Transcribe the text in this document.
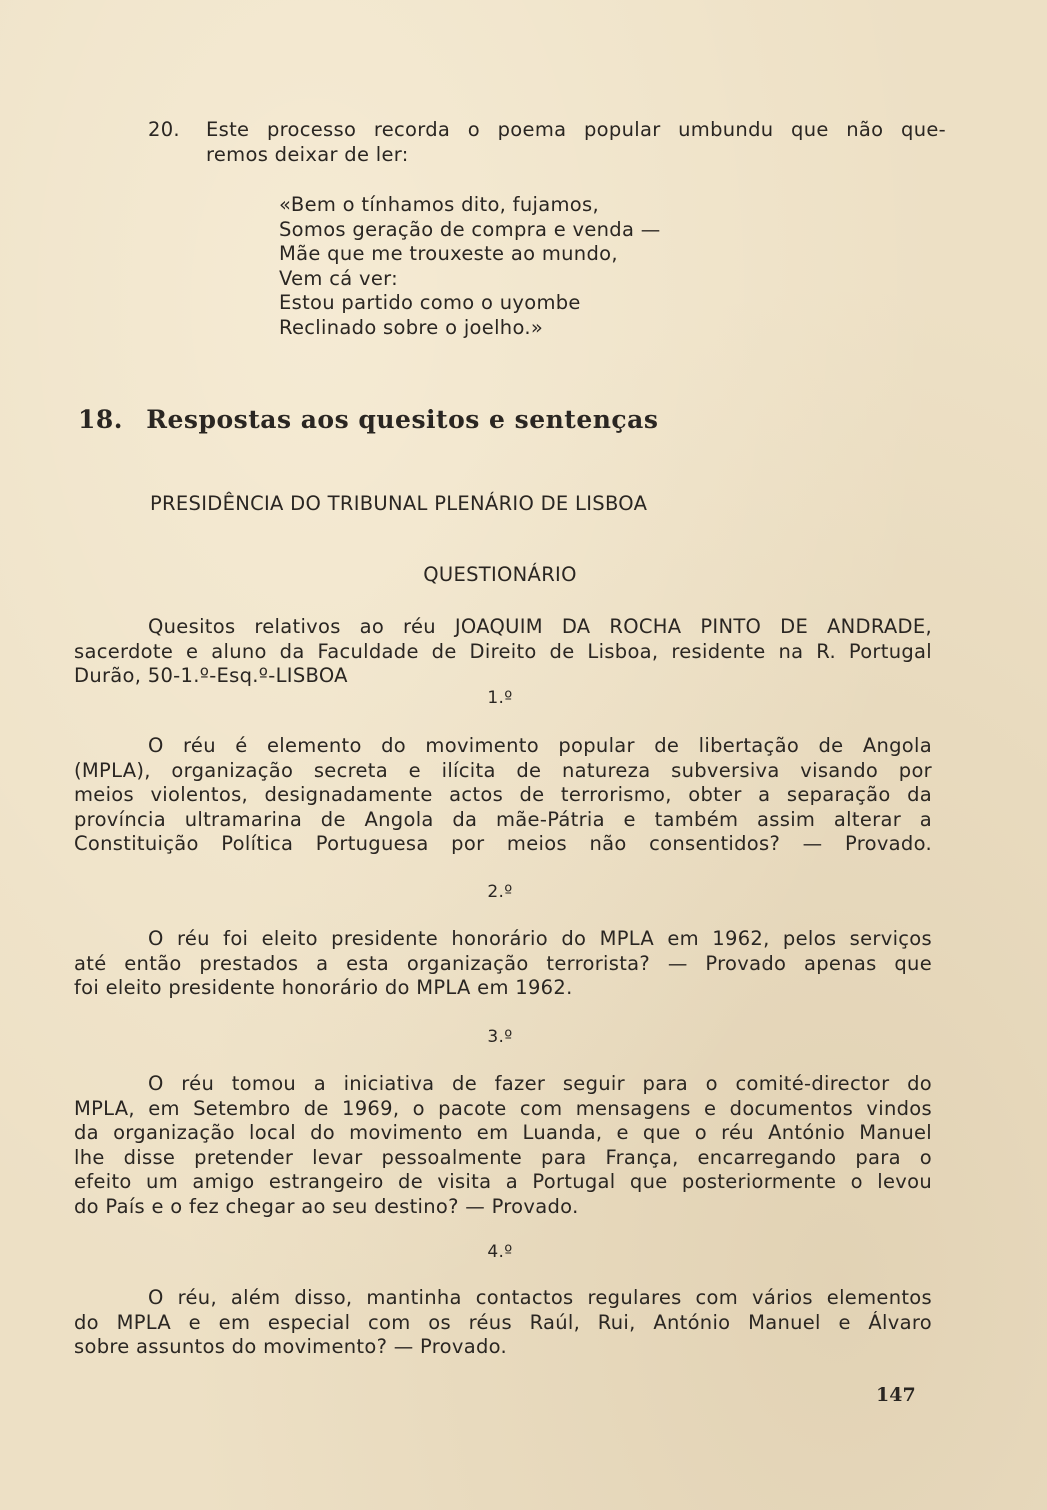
20. Este processo recorda o poema popular umbundu que não que-
remos deixar de ler:
«Bem o tínhamos dito, fujamos,
Somos geração de compra e venda —
Mãe que me trouxeste ao mundo,
Vem cá ver:
Estou partido como o uyombe
Reclinado sobre o joelho.»
18. Respostas aos quesitos e sentenças
PRESIDÊNCIA DO TRIBUNAL PLENÁRIO DE LISBOA
QUESTIONÁRIO
Quesitos relativos ao réu JOAQUIM DA ROCHA PINTO DE ANDRADE,
sacerdote e aluno da Faculdade de Direito de Lisboa, residente na R. Portugal
Durão, 50-1.º-Esq.º-LISBOA
1.º
O réu é elemento do movimento popular de libertação de Angola
(MPLA), organização secreta e ilícita de natureza subversiva visando por
meios violentos, designadamente actos de terrorismo, obter a separação da
província ultramarina de Angola da mãe-Pátria e também assim alterar a
Constituição Política Portuguesa por meios não consentidos? — Provado.
2.º
O réu foi eleito presidente honorário do MPLA em 1962, pelos serviços
até então prestados a esta organização terrorista? — Provado apenas que
foi eleito presidente honorário do MPLA em 1962.
3.º
O réu tomou a iniciativa de fazer seguir para o comité-director do
MPLA, em Setembro de 1969, o pacote com mensagens e documentos vindos
da organização local do movimento em Luanda, e que o réu António Manuel
lhe disse pretender levar pessoalmente para França, encarregando para o
efeito um amigo estrangeiro de visita a Portugal que posteriormente o levou
do País e o fez chegar ao seu destino? — Provado.
4.º
O réu, além disso, mantinha contactos regulares com vários elementos
do MPLA e em especial com os réus Raúl, Rui, António Manuel e Álvaro
sobre assuntos do movimento? — Provado.
147
